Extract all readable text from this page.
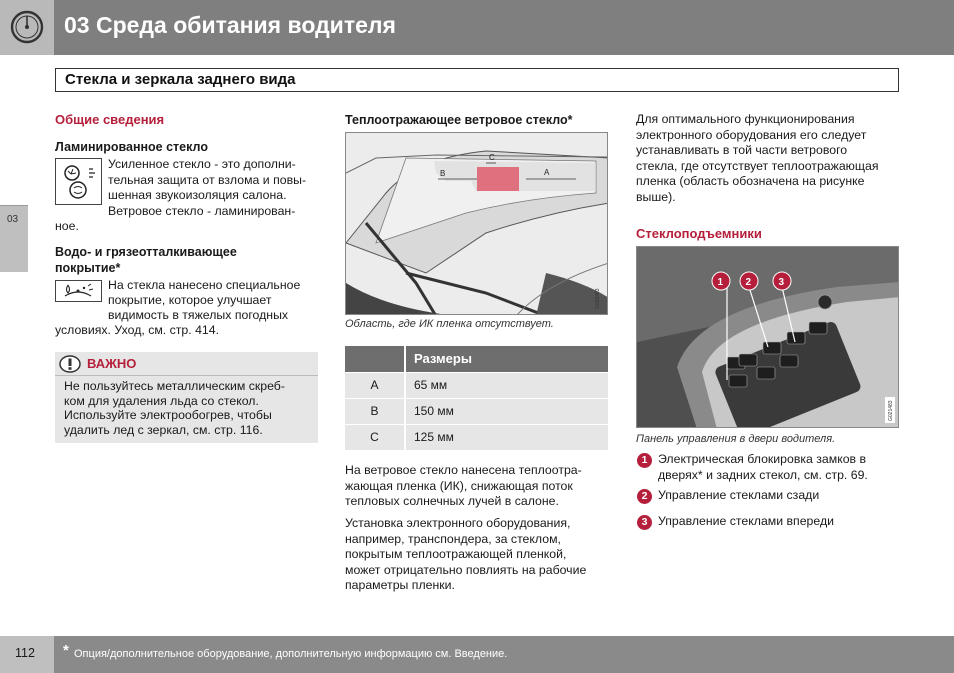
03 Среда обитания водителя
03
Стекла и зеркала заднего вида
Общие сведения
Ламинированное стекло
Усиленное стекло - это дополни-
тельная защита от взлома и повы-
шенная звукоизоляция салона.
Ветровое стекло - ламинирован-
ное.
Водо- и грязеотталкивающее
покрытие*
На стекла нанесено специальное
покрытие, которое улучшает
видимость в тяжелых погодных
условиях. Уход, см. стр. 414.
ВАЖНО
Не пользуйтесь металлическим скреб-
ком для удаления льда со стекол.
Используйте электрообогрев, чтобы
удалить лед с зеркал, см. стр. 116.
Теплоотражающее ветровое стекло*
B
C
A
G020483
Область, где ИК пленка отсутствует.
	Размеры
A	65 мм
B	150 мм
C	125 мм
На ветровое стекло нанесена теплоотра-
жающая пленка (ИК), снижающая поток
тепловых солнечных лучей в салоне.
Установка электронного оборудования,
например, транспондера, за стеклом,
покрытым теплоотражающей пленкой,
может отрицательно повлиять на рабочие
параметры пленки.
Для оптимального функционирования
электронного оборудования его следует
устанавливать в той части ветрового
стекла, где отсутствует теплоотражающая
пленка (область обозначена на рисунке
выше).
Стеклоподъемники
1 2	3
G021483
Панель управления в двери водителя.
1 Электрическая блокировка замков в
дверях* и задних стекол, см. стр. 69.
2 Управление стеклами сзади
3 Управление стеклами впереди
112 * Опция/дополнительное оборудование, дополнительную информацию см. Введение.
